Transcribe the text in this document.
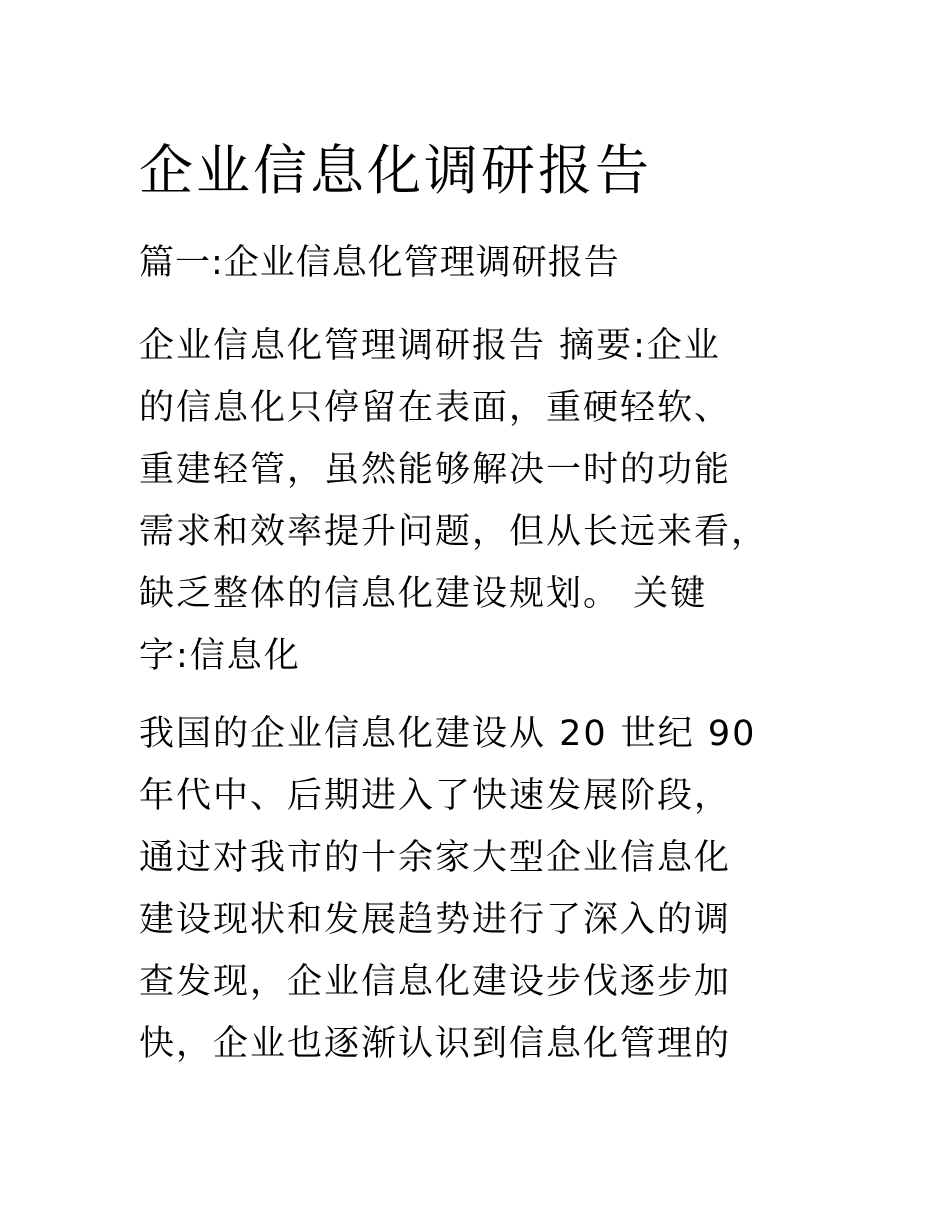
企业信息化调研报告
篇一:企业信息化管理调研报告
企业信息化管理调研报告 摘要:企业
的信息化只停留在表面，重硬轻软、
重建轻管，虽然能够解决一时的功能
需求和效率提升问题，但从长远来看，
缺乏整体的信息化建设规划。 关键
字:信息化
我国的企业信息化建设从 20 世纪 90
年代中、后期进入了快速发展阶段，
通过对我市的十余家大型企业信息化
建设现状和发展趋势进行了深入的调
查发现，企业信息化建设步伐逐步加
快，企业也逐渐认识到信息化管理的
